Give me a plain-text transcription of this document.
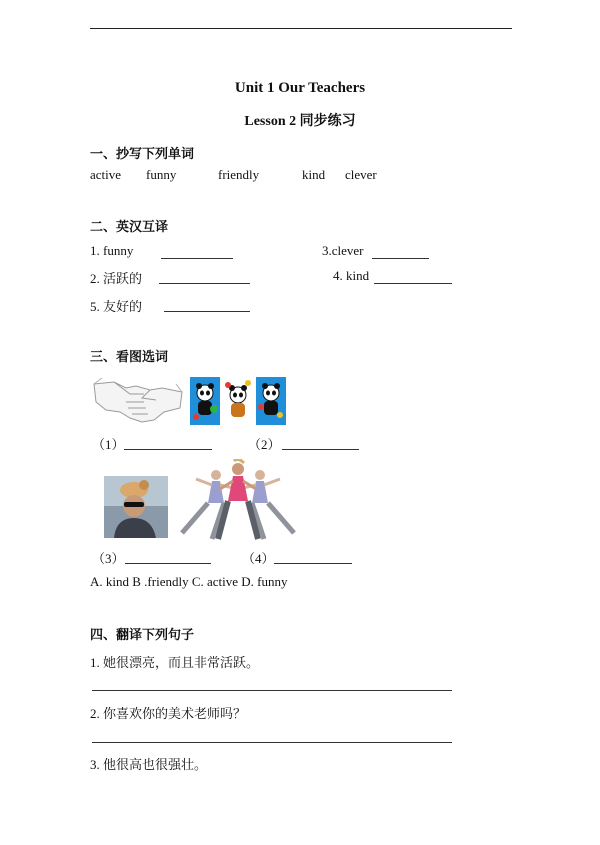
Unit 1 Our Teachers
Lesson 2 同步练习
一、抄写下列单词
active funny	friendly	kind clever
二、英汉互译
1. funny	3.clever
2. 活跃的	4. kind
5. 友好的
三、看图选词
（1）	（2）
（3）	（4）
A. kind B .friendly C. active D. funny
四、翻译下列句子
1. 她很漂亮，而且非常活跃。
2. 你喜欢你的美术老师吗？
3. 他很高也很强壮。
